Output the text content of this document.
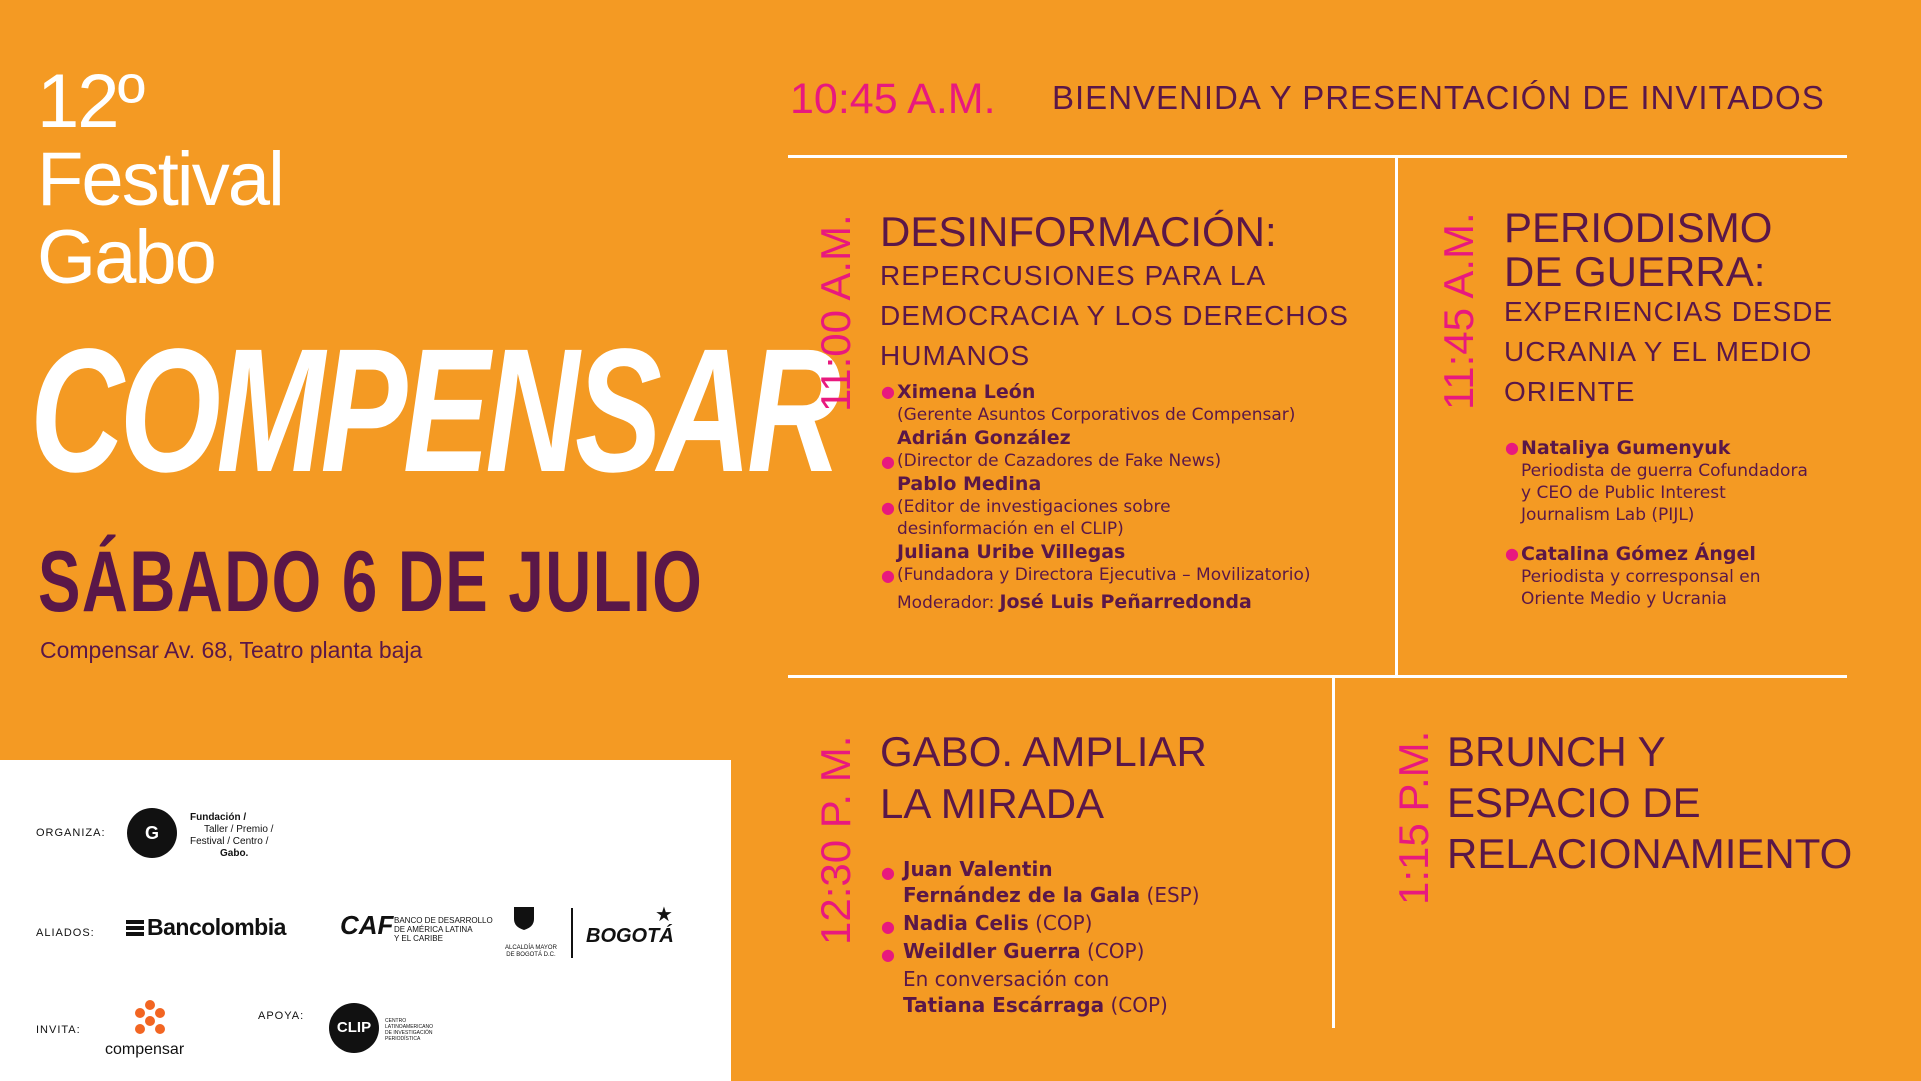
12º
Festival
Gabo
COMPENSAR
SÁBADO 6 DE JULIO
Compensar Av. 68, Teatro planta baja
ORGANIZA:	G
Fundación /
Taller / Premio /
Festival / Centro /
Gabo.
ALIADOS:	Bancolombia CAF BANCO DE DESARROLLO
DE AMÉRICA LATINA
Y EL CARIBE
ALCALDÍA MAYOR
DE BOGOTÁ D.C.
BOGOTÁ
★
INVITA:
compensar
APOYA:
CLIP	CENTRO
LATINOAMERICANO
DE INVESTIGACIÓN
PERIODÍSTICA
10:45 A.M. BIENVENIDA Y PRESENTACIÓN DE INVITADOS
11:00 A.M. DESINFORMACIÓN:
REPERCUSIONES PARA LA
DEMOCRACIA Y LOS DERECHOS
HUMANOS
● Ximena León
(Gerente Asuntos Corporativos de Compensar)
Adrián González
● (Director de Cazadores de Fake News)
Pablo Medina
● (Editor de investigaciones sobre
desinformación en el CLIP)
Juliana Uribe Villegas
● (Fundadora y Directora Ejecutiva – Movilizatorio)
Moderador: José Luis Peñarredonda
11:45 A.M. PERIODISMO
DE GUERRA:
EXPERIENCIAS DESDE
UCRANIA Y EL MEDIO
ORIENTE
● Nataliya Gumenyuk
Periodista de guerra Cofundadora
y CEO de Public Interest
Journalism Lab (PIJL)
● Catalina Gómez Ángel
Periodista y corresponsal en
Oriente Medio y Ucrania
12:30 P. M. GABO. AMPLIAR
LA MIRADA
● Juan Valentin
Fernández de la Gala (ESP)
● Nadia Celis (COP)
● Weildler Guerra (COP)
En conversación con
Tatiana Escárraga (COP)
1:15 P.M. BRUNCH Y
ESPACIO DE
RELACIONAMIENTO
